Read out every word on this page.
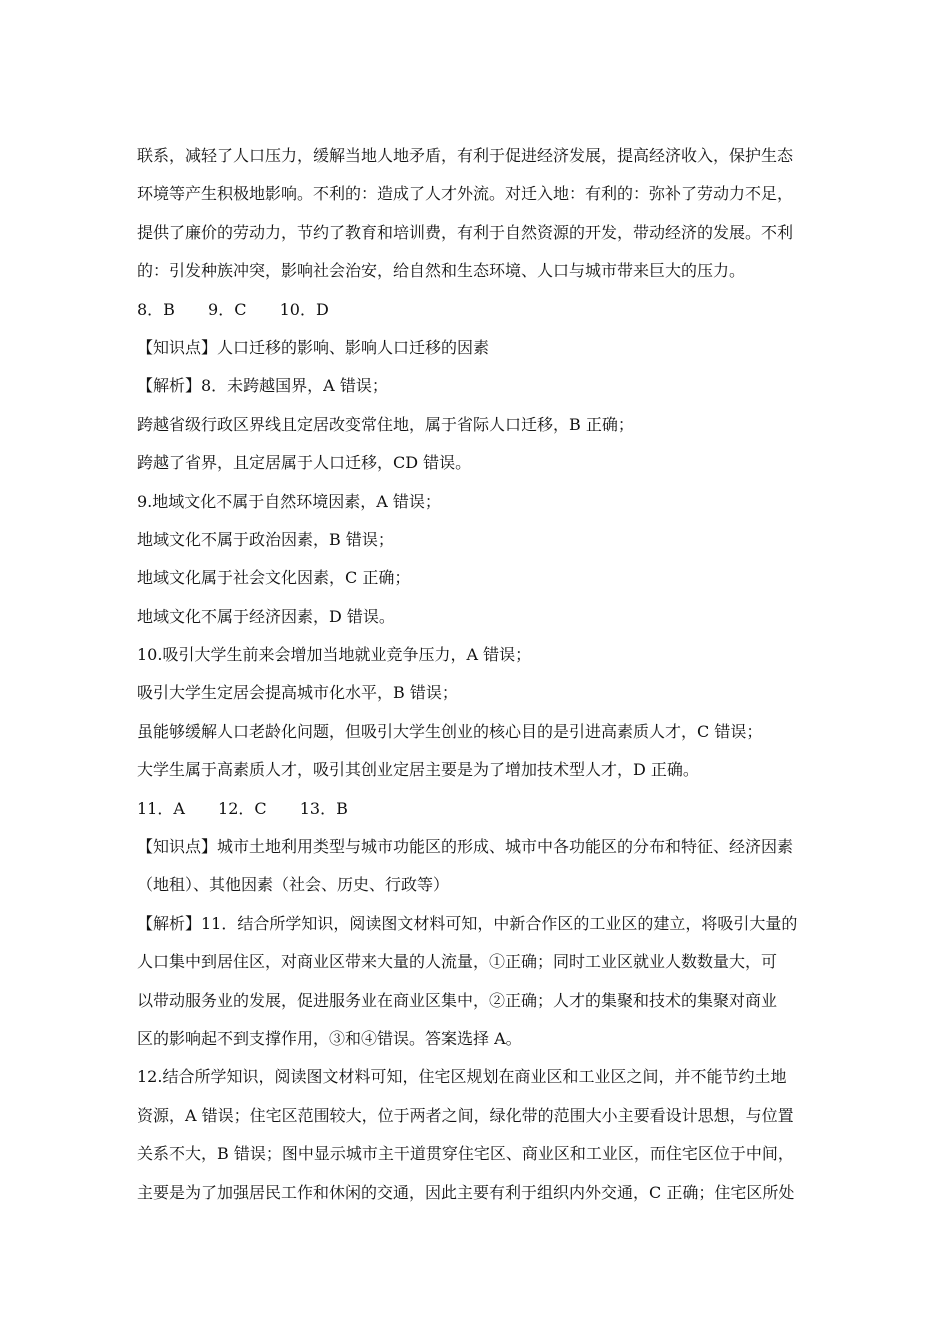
联系，减轻了人口压力，缓解当地人地矛盾，有利于促进经济发展，提高经济收入，保护生态
环境等产生积极地影响。不利的：造成了人才外流。对迁入地：有利的：弥补了劳动力不足，
提供了廉价的劳动力，节约了教育和培训费，有利于自然资源的开发，带动经济的发展。不利
的：引发种族冲突，影响社会治安，给自然和生态环境、人口与城市带来巨大的压力。
8．B 9．C 10．D
【知识点】人口迁移的影响、影响人口迁移的因素
【解析】8．未跨越国界，A 错误；
跨越省级行政区界线且定居改变常住地，属于省际人口迁移，B 正确；
跨越了省界，且定居属于人口迁移，CD 错误。
9.地域文化不属于自然环境因素，A 错误；
地域文化不属于政治因素，B 错误；
地域文化属于社会文化因素，C 正确；
地域文化不属于经济因素，D 错误。
10.吸引大学生前来会增加当地就业竞争压力，A 错误；
吸引大学生定居会提高城市化水平，B 错误；
虽能够缓解人口老龄化问题，但吸引大学生创业的核心目的是引进高素质人才，C 错误；
大学生属于高素质人才，吸引其创业定居主要是为了增加技术型人才，D 正确。
11．A 12．C 13．B
【知识点】城市土地利用类型与城市功能区的形成、城市中各功能区的分布和特征、经济因素
（地租）、其他因素（社会、历史、行政等）
【解析】11．结合所学知识，阅读图文材料可知，中新合作区的工业区的建立，将吸引大量的
人口集中到居住区，对商业区带来大量的人流量，①正确；同时工业区就业人数数量大，可
以带动服务业的发展，促进服务业在商业区集中，②正确；人才的集聚和技术的集聚对商业
区的影响起不到支撑作用，③和④错误。答案选择 A。
12.结合所学知识，阅读图文材料可知，住宅区规划在商业区和工业区之间，并不能节约土地
资源，A 错误；住宅区范围较大，位于两者之间，绿化带的范围大小主要看设计思想，与位置
关系不大，B 错误；图中显示城市主干道贯穿住宅区、商业区和工业区，而住宅区位于中间，
主要是为了加强居民工作和休闲的交通，因此主要有利于组织内外交通，C 正确；住宅区所处
